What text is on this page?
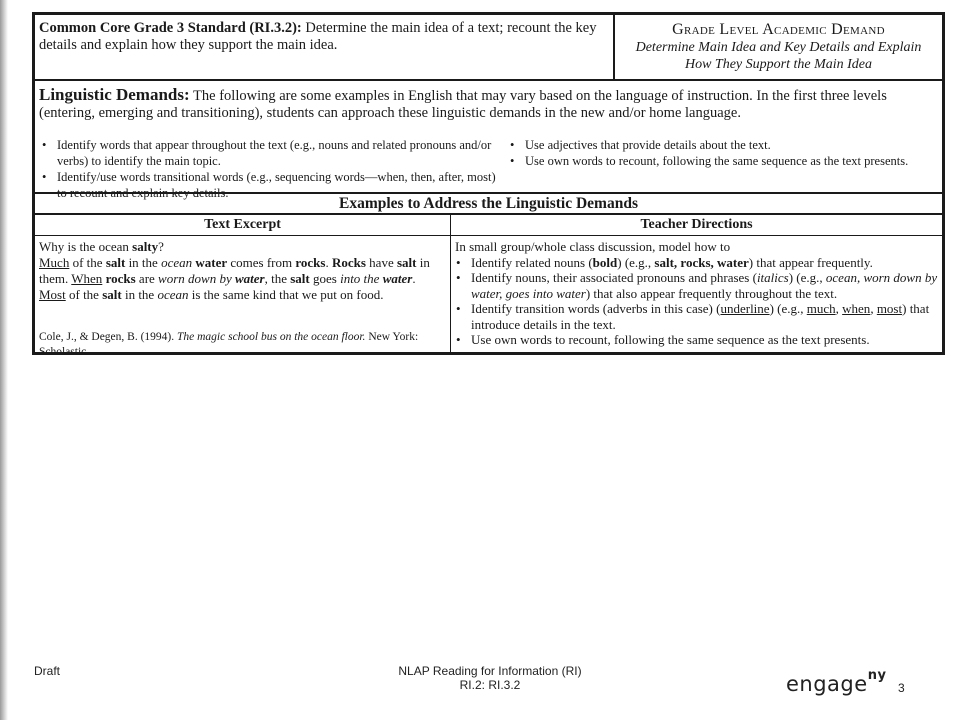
Common Core Grade 3 Standard (RI.3.2): Determine the main idea of a text; recount the key details and explain how they support the main idea.
Grade Level Academic Demand
Determine Main Idea and Key Details and Explain
How They Support the Main Idea

Linguistic Demands: The following are some examples in English that may vary based on the language of instruction. In the first three levels (entering, emerging and transitioning), students can approach these linguistic demands in the new and/or home language.

• Identify words that appear throughout the text (e.g., nouns and related pronouns and/or verbs) to identify the main topic.

• Identify/use words transitional words (e.g., sequencing words—when, then, after, most) to recount and explain key details.

• Use adjectives that provide details about the text.

• Use own words to recount, following the same sequence as the text presents.

Examples to Address the Linguistic Demands
Text Excerpt	Teacher Directions

Why is the ocean salty?

Much of the salt in the ocean water comes from rocks. Rocks have salt in them. When rocks are worn down by water, the salt goes into the water.

Most of the salt in the ocean is the same kind that we put on food.

Cole, J., & Degen, B. (1994). The magic school bus on the ocean floor. New York: Scholastic.

In small group/whole class discussion, model how to

• Identify related nouns (bold) (e.g., salt, rocks, water) that appear frequently.

• Identify nouns, their associated pronouns and phrases (italics) (e.g., ocean, worn down by water, goes into water) that also appear frequently throughout the text.

• Identify transition words (adverbs in this case) (underline) (e.g., much, when, most) that introduce details in the text.

• Use own words to recount, following the same sequence as the text presents.

Draft	NLAP Reading for Information (RI)
RI.2: RI.3.2	engage$^{ny}$
3
